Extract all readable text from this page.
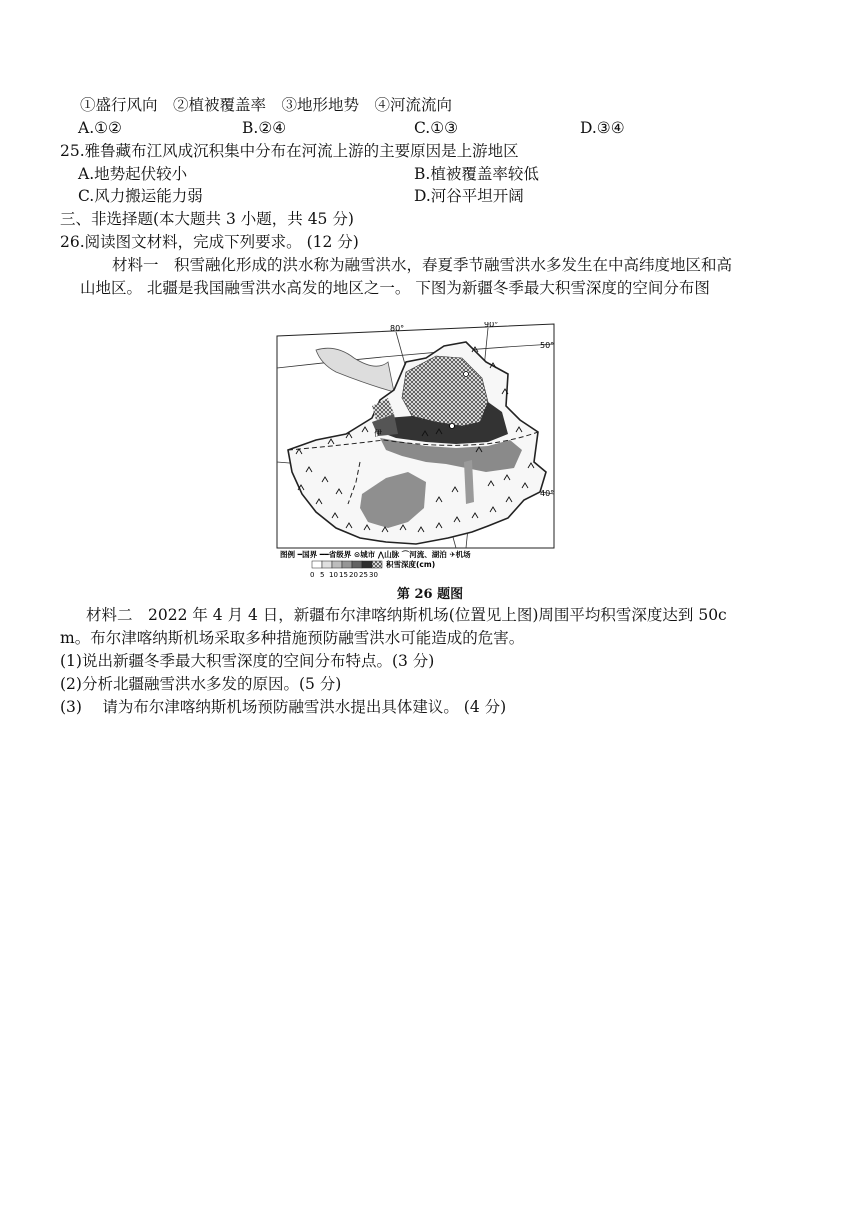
①盛行风向　②植被覆盖率　③地形地势　④河流流向
A.①②	B.②④	C.①③	D.③④
25.雅鲁藏布江风成沉积集中分布在河流上游的主要原因是上游地区
A.地势起伏较小	B.植被覆盖率较低
C.风力搬运能力弱	D.河谷平坦开阔
三、非选择题(本大题共 3 小题，共 45 分)
26.阅读图文材料，完成下列要求。 (12 分)
材料一　积雪融化形成的洪水称为融雪洪水，春夏季节融雪洪水多发生在中高纬度地区和高
山地区。 北疆是我国融雪洪水高发的地区之一。 下图为新疆冬季最大积雪深度的空间分布图
80°	90°
50°
40°
伊
图例 ━国界 ━━省级界 ⊙城市 ⋀山脉 ⌒河流、湖泊 ✈机场
积雪深度(cm)
0 5 10 15 20 25 30
第 26 题图
材料二　2022 年 4 月 4 日，新疆布尔津喀纳斯机场(位置见上图)周围平均积雪深度达到 50c
m。布尔津喀纳斯机场采取多种措施预防融雪洪水可能造成的危害。
(1)说出新疆冬季最大积雪深度的空间分布特点。(3 分)
(2)分析北疆融雪洪水多发的原因。(5 分)
(3)　 请为布尔津喀纳斯机场预防融雪洪水提出具体建议。 (4 分)
